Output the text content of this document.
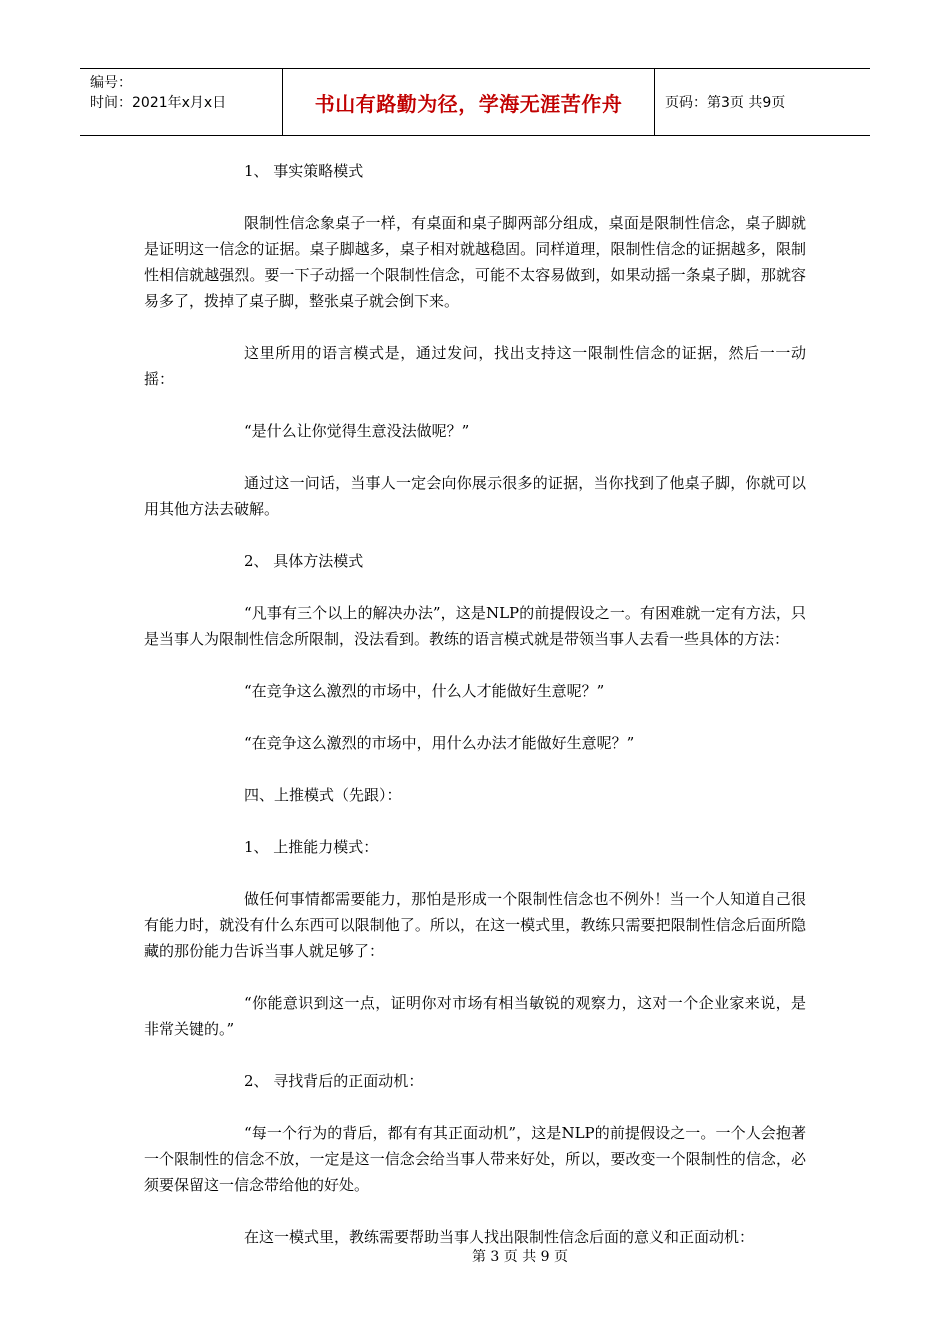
编号：
时间：2021年x月x日	书山有路勤为径，学海无涯苦作舟	页码：第3页 共9页

1、 事实策略模式

限制性信念象桌子一样，有桌面和桌子脚两部分组成，桌面是限制性信念，桌子脚就是证明这一信念的证据。桌子脚越多，桌子相对就越稳固。同样道理，限制性信念的证据越多，限制性相信就越强烈。要一下子动摇一个限制性信念，可能不太容易做到，如果动摇一条桌子脚，那就容易多了，拨掉了桌子脚，整张桌子就会倒下来。

这里所用的语言模式是，通过发问，找出支持这一限制性信念的证据，然后一一动摇：

“是什么让你觉得生意没法做呢？”

通过这一问话，当事人一定会向你展示很多的证据，当你找到了他桌子脚，你就可以用其他方法去破解。

2、 具体方法模式

“凡事有三个以上的解决办法”，这是NLP的前提假设之一。有困难就一定有方法，只是当事人为限制性信念所限制，没法看到。教练的语言模式就是带领当事人去看一些具体的方法：

“在竞争这么激烈的市场中，什么人才能做好生意呢？”

“在竞争这么激烈的市场中，用什么办法才能做好生意呢？”

四、上推模式（先跟）：

1、 上推能力模式：

做任何事情都需要能力，那怕是形成一个限制性信念也不例外！当一个人知道自己很有能力时，就没有什么东西可以限制他了。所以，在这一模式里，教练只需要把限制性信念后面所隐藏的那份能力告诉当事人就足够了：

“你能意识到这一点，证明你对市场有相当敏锐的观察力，这对一个企业家来说，是非常关键的。”

2、 寻找背后的正面动机：

“每一个行为的背后，都有有其正面动机”，这是NLP的前提假设之一。一个人会抱著一个限制性的信念不放，一定是这一信念会给当事人带来好处，所以，要改变一个限制性的信念，必须要保留这一信念带给他的好处。

在这一模式里，教练需要帮助当事人找出限制性信念后面的意义和正面动机：

第 3 页 共 9 页
